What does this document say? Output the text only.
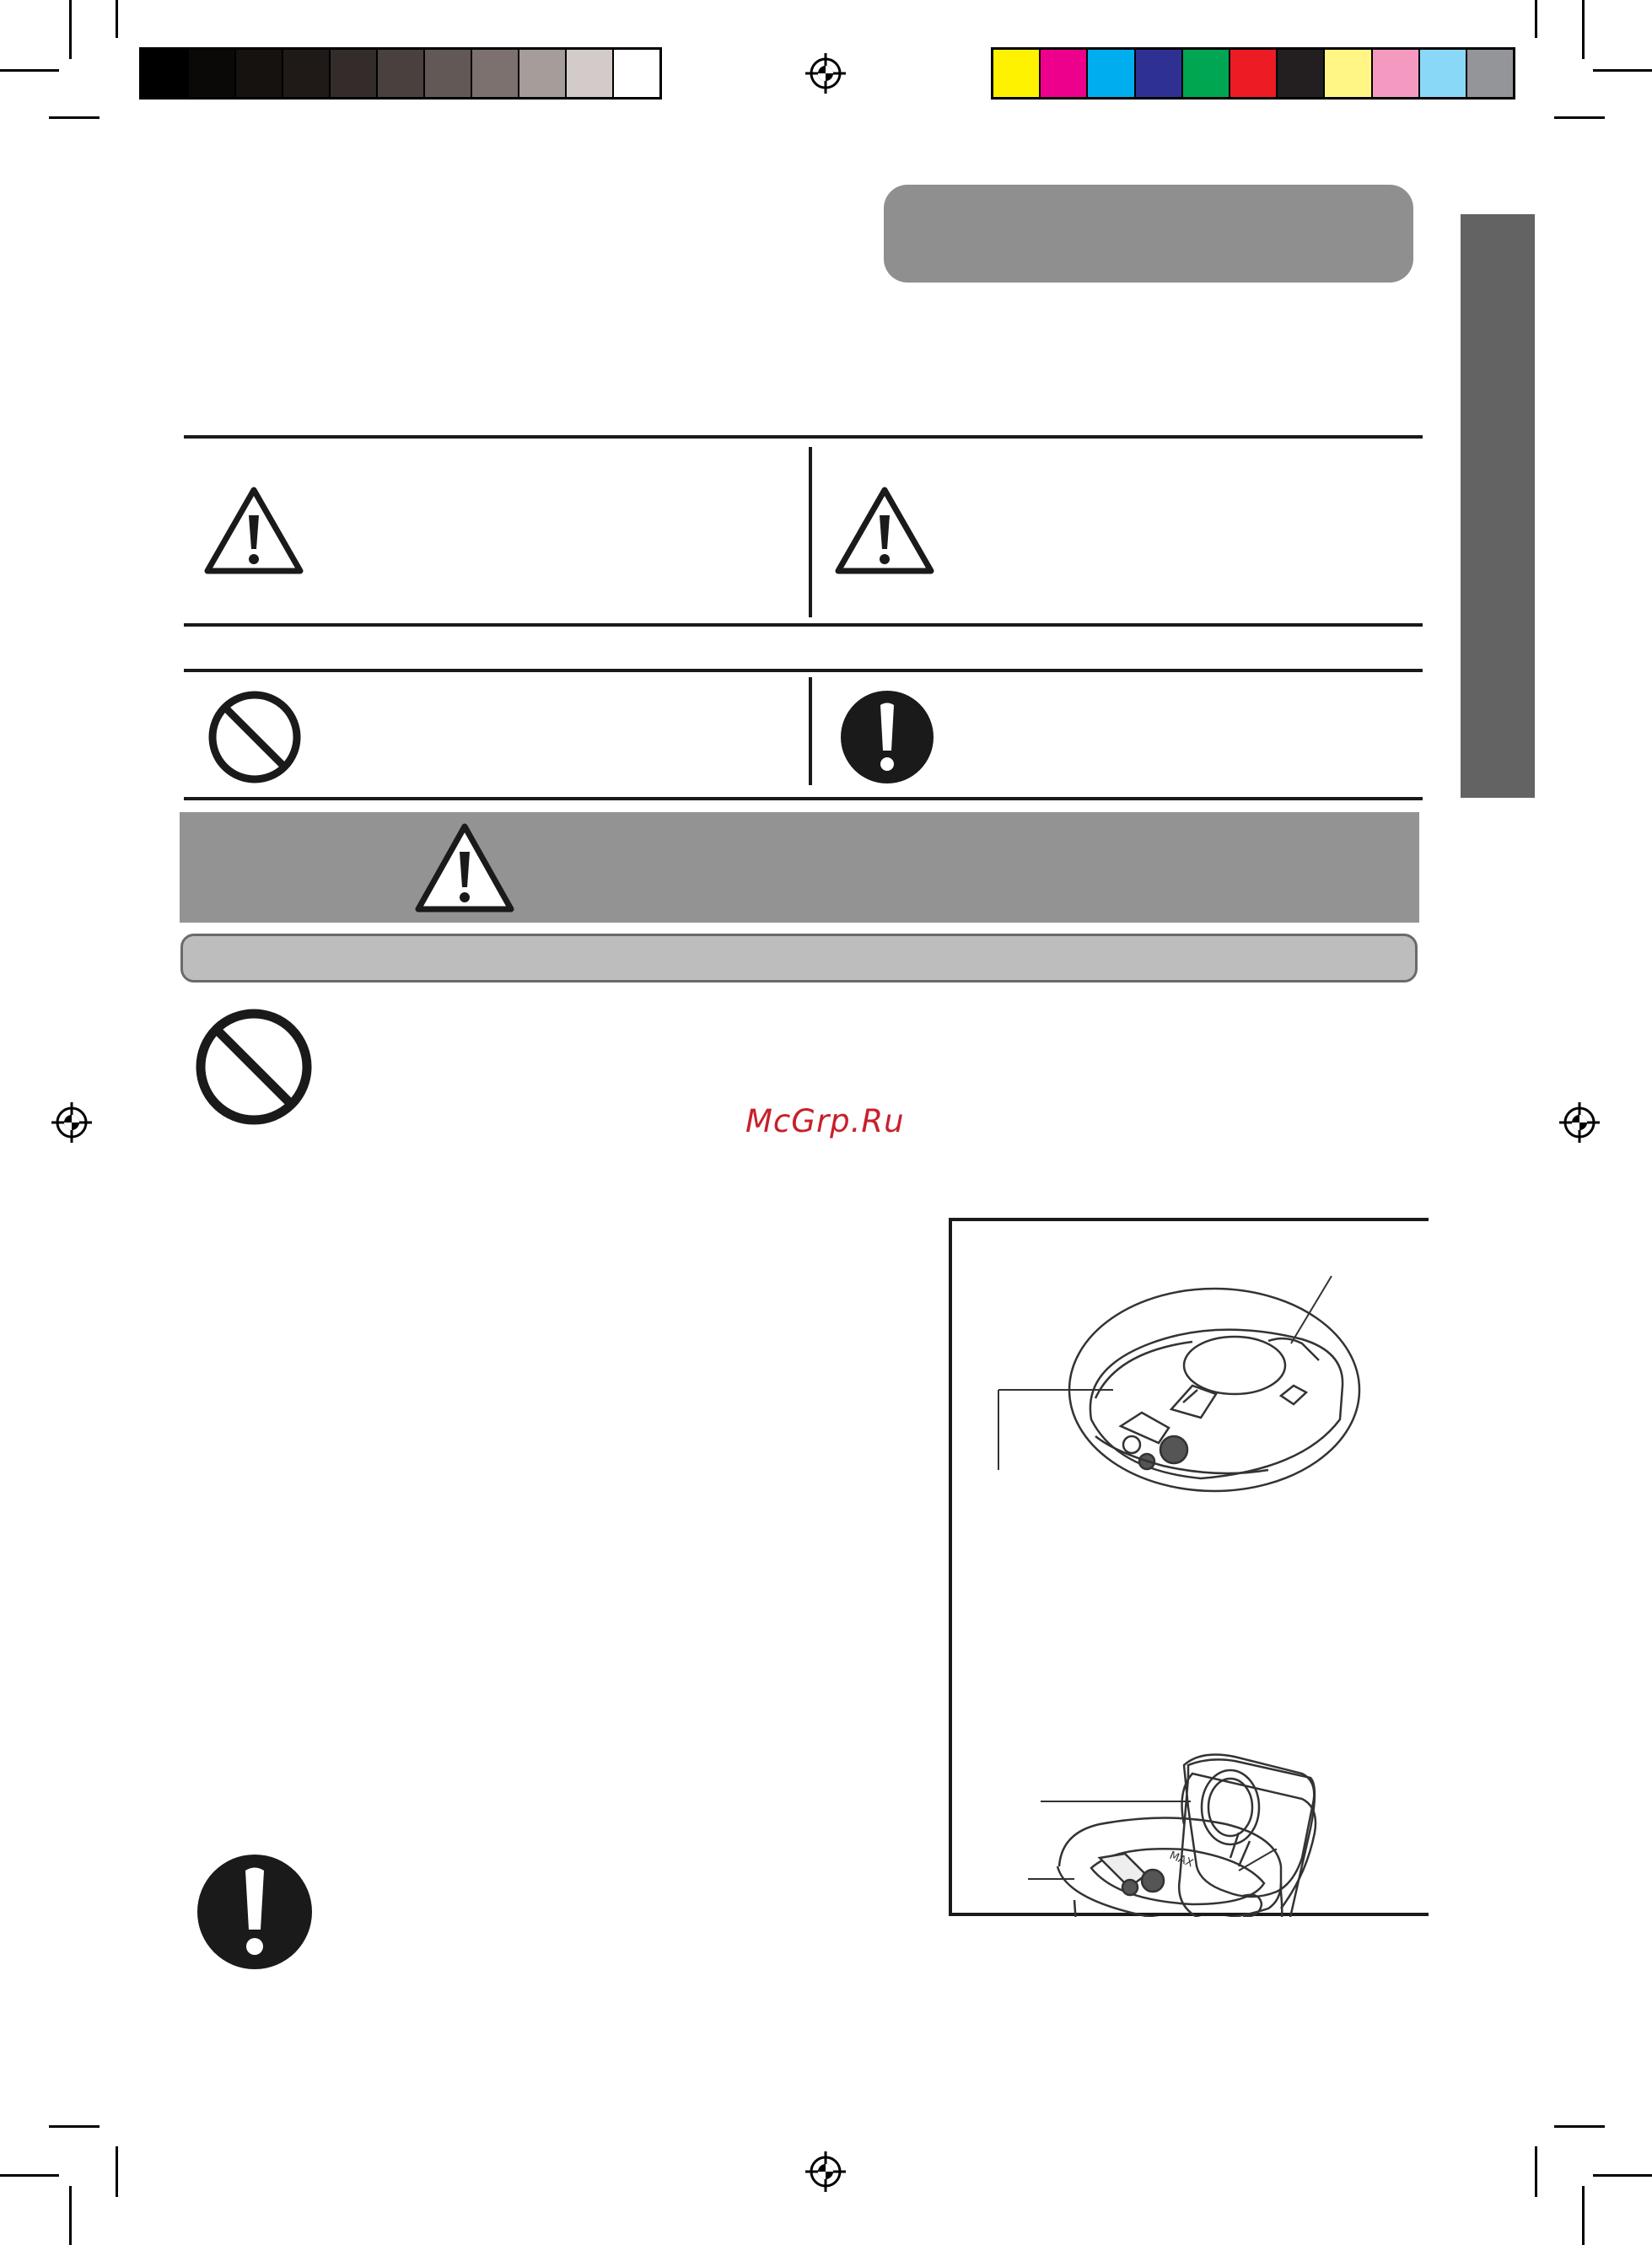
McGrp.Ru
MAX
